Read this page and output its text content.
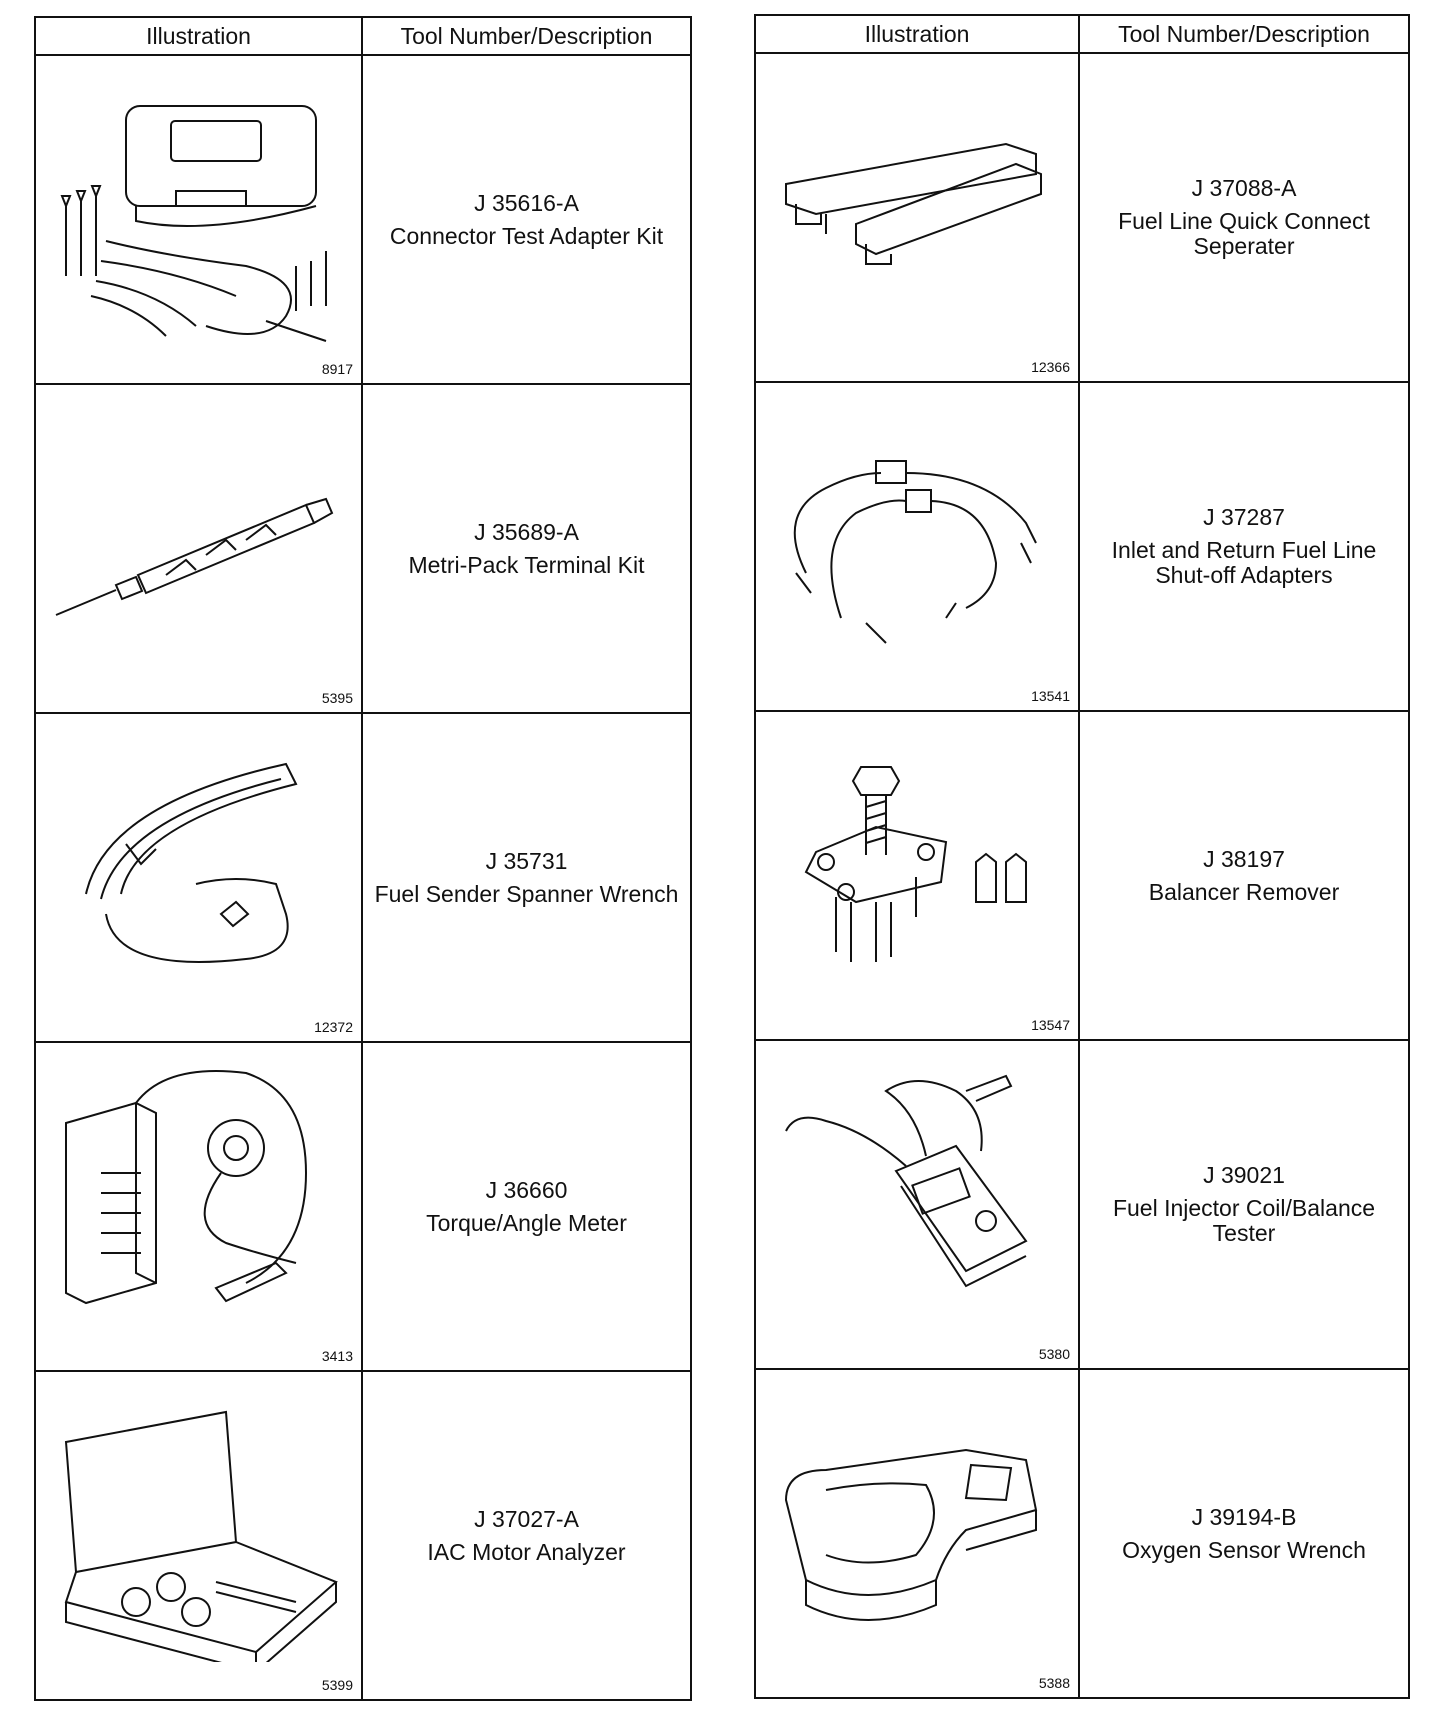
Illustration	Tool Number/Description

8917	J 35616-A
Connector Test Adapter Kit

5395	J 35689-A
Metri-Pack Terminal Kit

12372	J 35731
Fuel Sender Spanner Wrench

3413	J 36660
Torque/Angle Meter

5399	J 37027-A
IAC Motor Analyzer
Illustration	Tool Number/Description

12366	J 37088-A
Fuel Line Quick Connect Seperater

13541	J 37287
Inlet and Return Fuel Line Shut-off Adapters

13547	J 38197
Balancer Remover

5380	J 39021
Fuel Injector Coil/Balance Tester

5388	J 39194-B
Oxygen Sensor Wrench
